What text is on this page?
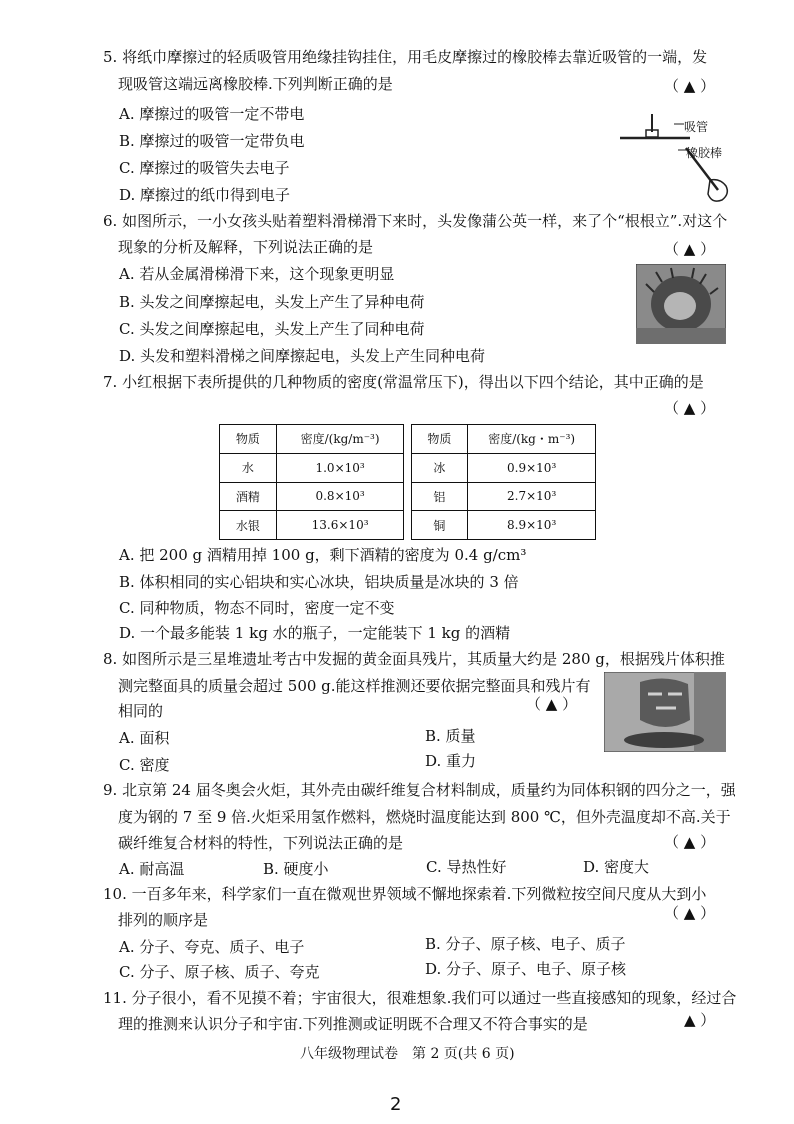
5. 将纸巾摩擦过的轻质吸管用绝缘挂钩挂住，用毛皮摩擦过的橡胶棒去靠近吸管的一端，发
现吸管这端远离橡胶棒.下列判断正确的是	（ ▲ ）
A. 摩擦过的吸管一定不带电
B. 摩擦过的吸管一定带负电
C. 摩擦过的吸管失去电子
D. 摩擦过的纸巾得到电子
吸管
橡胶棒
6. 如图所示，一小女孩头贴着塑料滑梯滑下来时，头发像蒲公英一样，来了个“根根立”.对这个
现象的分析及解释，下列说法正确的是	（ ▲ ）
A. 若从金属滑梯滑下来，这个现象更明显
B. 头发之间摩擦起电，头发上产生了异种电荷
C. 头发之间摩擦起电，头发上产生了同种电荷
D. 头发和塑料滑梯之间摩擦起电，头发上产生同种电荷
7. 小红根据下表所提供的几种物质的密度(常温常压下)，得出以下四个结论，其中正确的是
（ ▲ ）
物质	密度/(kg/m⁻³)		物质	密度/(kg・m⁻³)
水	1.0×10³		冰	0.9×10³
酒精	0.8×10³		铝	2.7×10³
水银	13.6×10³		铜	8.9×10³
A. 把 200 g 酒精用掉 100 g，剩下酒精的密度为 0.4 g/cm³
B. 体积相同的实心铝块和实心冰块，铝块质量是冰块的 3 倍
C. 同种物质，物态不同时，密度一定不变
D. 一个最多能装 1 kg 水的瓶子，一定能装下 1 kg 的酒精
8. 如图所示是三星堆遗址考古中发掘的黄金面具残片，其质量大约是 280 g，根据残片体积推
测完整面具的质量会超过 500 g.能这样推测还要依据完整面具和残片有
相同的	（ ▲ ）
A. 面积	B. 质量
C. 密度	D. 重力
9. 北京第 24 届冬奥会火炬，其外壳由碳纤维复合材料制成，质量约为同体积钢的四分之一，强
度为钢的 7 至 9 倍.火炬采用氢作燃料，燃烧时温度能达到 800 ℃，但外壳温度却不高.关于
碳纤维复合材料的特性，下列说法正确的是	（ ▲ ）
A. 耐高温	B. 硬度小	C. 导热性好	D. 密度大
10. 一百多年来，科学家们一直在微观世界领域不懈地探索着.下列微粒按空间尺度从大到小
排列的顺序是	（ ▲ ）
A. 分子、夸克、质子、电子	B. 分子、原子核、电子、质子
C. 分子、原子核、质子、夸克	D. 分子、原子、电子、原子核
11. 分子很小，看不见摸不着；宇宙很大，很难想象.我们可以通过一些直接感知的现象，经过合
理的推测来认识分子和宇宙.下列推测或证明既不合理又不符合事实的是	▲ ）
八年级物理试卷　第 2 页(共 6 页)
2
